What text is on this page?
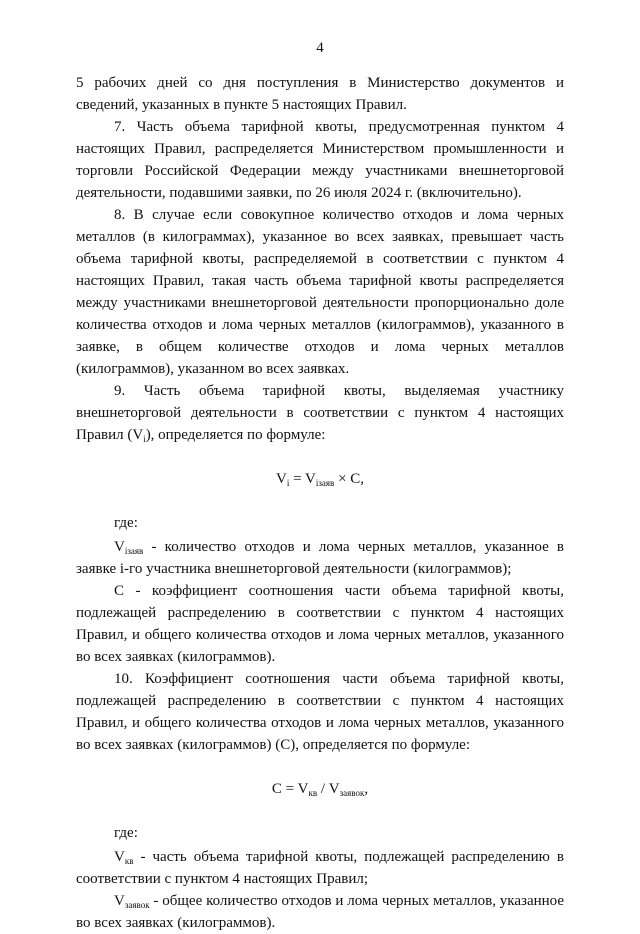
4

5 рабочих дней со дня поступления в Министерство документов и сведений, указанных в пункте 5 настоящих Правил.

7. Часть объема тарифной квоты, предусмотренная пунктом 4 настоящих Правил, распределяется Министерством промышленности и торговли Российской Федерации между участниками внешнеторговой деятельности, подавшими заявки, по 26 июля 2024 г. (включительно).

8. В случае если совокупное количество отходов и лома черных металлов (в килограммах), указанное во всех заявках, превышает часть объема тарифной квоты, распределяемой в соответствии с пунктом 4 настоящих Правил, такая часть объема тарифной квоты распределяется между участниками внешнеторговой деятельности пропорционально доле количества отходов и лома черных металлов (килограммов), указанного в заявке, в общем количестве отходов и лома черных металлов (килограммов), указанном во всех заявках.

9. Часть объема тарифной квоты, выделяемая участнику внешнеторговой деятельности в соответствии с пунктом 4 настоящих Правил $(V_i)$, определяется по формуле:

$V_i = V_{iзаяв} \times C$,

где:

$V_{iзаяв}$ - количество отходов и лома черных металлов, указанное в заявке i-го участника внешнеторговой деятельности (килограммов);

C - коэффициент соотношения части объема тарифной квоты, подлежащей распределению в соответствии с пунктом 4 настоящих Правил, и общего количества отходов и лома черных металлов, указанного во всех заявках (килограммов).

10. Коэффициент соотношения части объема тарифной квоты, подлежащей распределению в соответствии с пунктом 4 настоящих Правил, и общего количества отходов и лома черных металлов, указанного во всех заявках (килограммов) (C), определяется по формуле:

$C = V_{кв} / V_{заявок}$,

где:

$V_{кв}$ - часть объема тарифной квоты, подлежащей распределению в соответствии с пунктом 4 настоящих Правил;

$V_{заявок}$ - общее количество отходов и лома черных металлов, указанное во всех заявках (килограммов).
